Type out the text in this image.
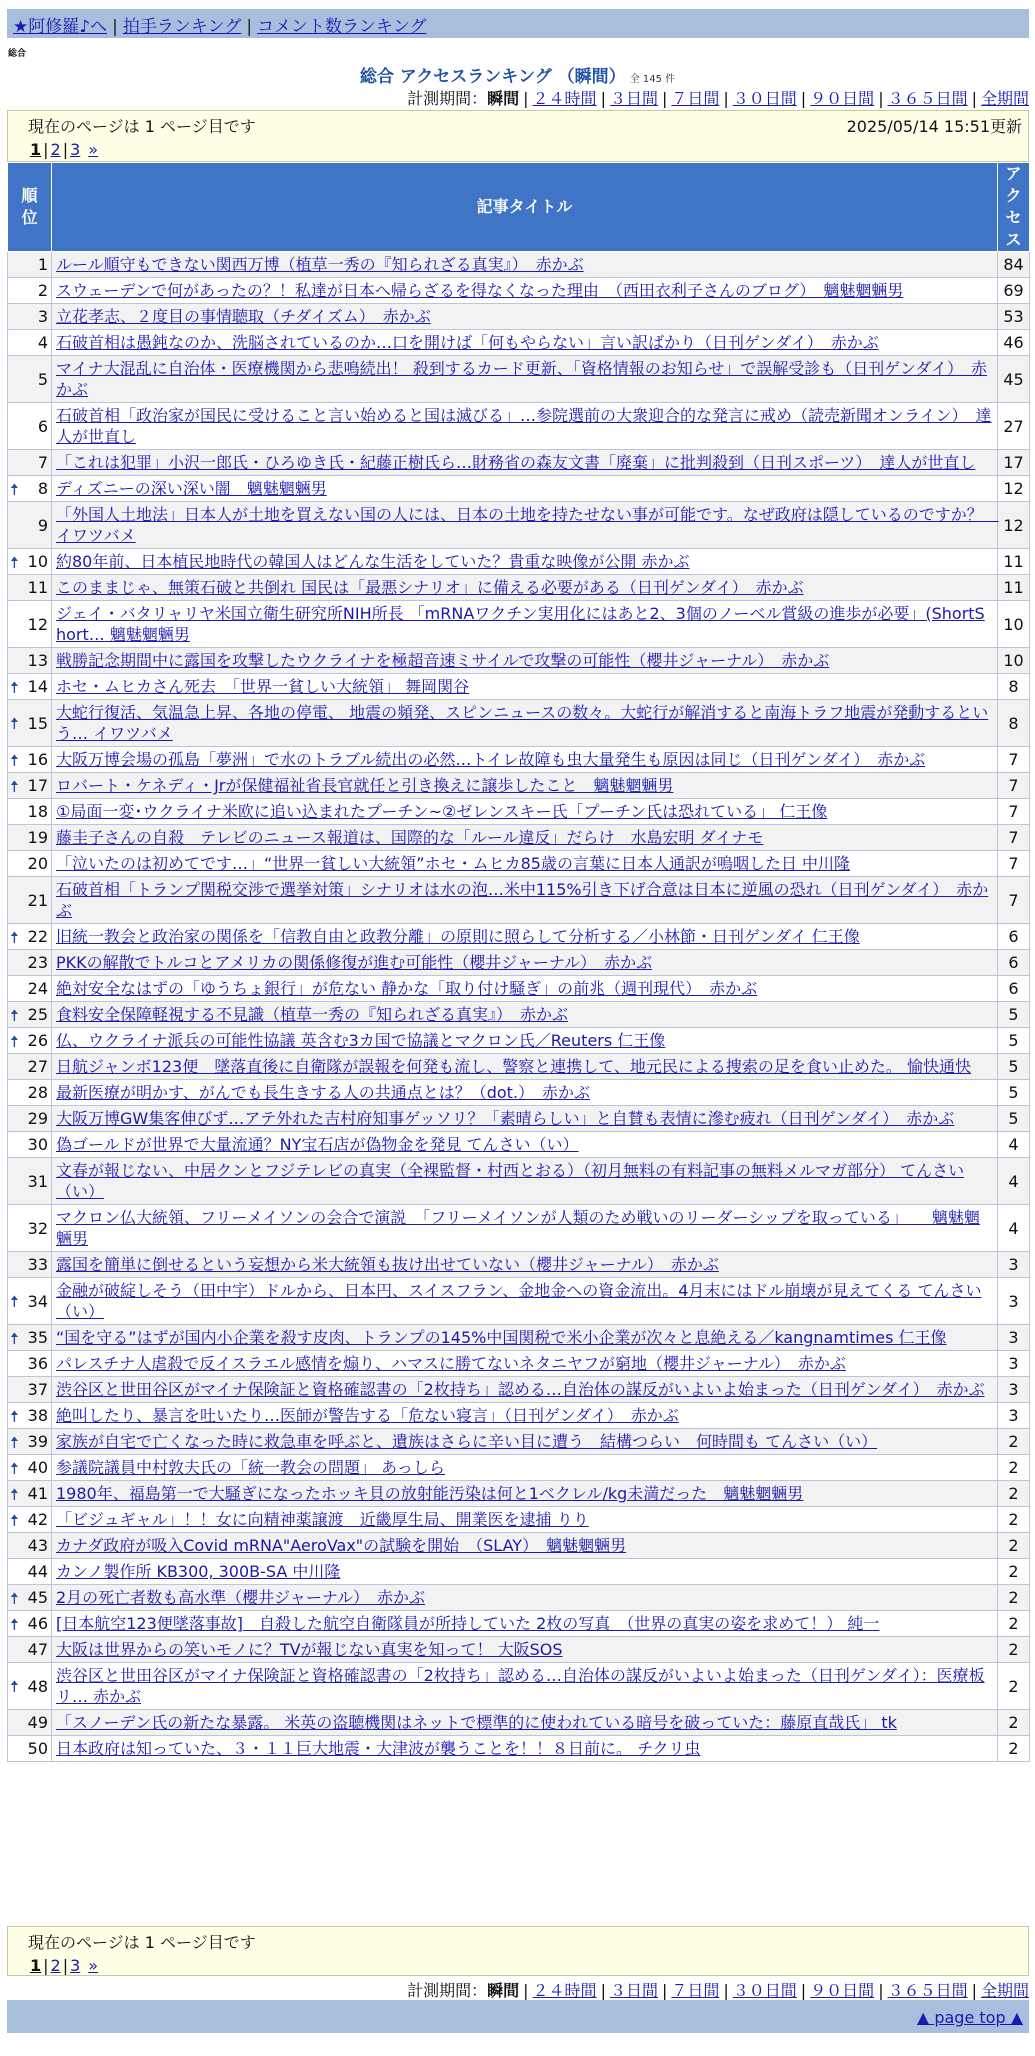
★阿修羅♪へ | 拍手ランキング | コメント数ランキング
総合
総合 アクセスランキング （瞬間） 全 145 件
計測期間：瞬間 | ２４時間 | ３日間 | ７日間 | ３０日間 | ９０日間 | ３６５日間 | 全期間
現在のページは 1 ページ目です	2025/05/14 15:51更新
1 | 2 | 3 »
順位	記事タイトル	アクセス
1	ルール順守もできない関西万博（植草一秀の『知られざる真実』）　赤かぶ	84
2	スウェーデンで何があったの？！私達が日本へ帰らざるを得なくなった理由　（西田衣利子さんのブログ）　魑魅魍魎男	69
3	立花孝志、２度目の事情聴取（チダイズム）　赤かぶ	53
4	石破首相は愚鈍なのか、洗脳されているのか…口を開けば「何もやらない」言い訳ばかり（日刊ゲンダイ）　赤かぶ	46
5	マイナ大混乱に自治体・医療機関から悲鳴続出！ 殺到するカード更新、「資格情報のお知らせ」で誤解受診も（日刊ゲンダイ）　赤かぶ	45
6	石破首相「政治家が国民に受けること言い始めると国は滅びる」…参院選前の大衆迎合的な発言に戒め（読売新聞オンライン）　達人が世直し	27
7	「これは犯罪」小沢一郎氏・ひろゆき氏・紀藤正樹氏ら…財務省の森友文書「廃棄」に批判殺到（日刊スポーツ）　達人が世直し	17

🠅 8	ディズニーの深い深い闇　魑魅魍魎男	12
9	「外国人土地法」日本人が土地を買えない国の人には、日本の土地を持たせない事が可能です。なぜ政府は隠しているのですか？　イワツバメ	12

🠅 10	約80年前、日本植民地時代の韓国人はどんな生活をしていた？貴重な映像が公開 赤かぶ	11
11	このままじゃ、無策石破と共倒れ 国民は「最悪シナリオ」に備える必要がある（日刊ゲンダイ）　赤かぶ	11
12	ジェイ・バタリャリヤ米国立衛生研究所NIH所長 「mRNAワクチン実用化にはあと2、3個のノーベル賞級の進歩が必要」(ShortShort… 魑魅魍魎男	10
13	戦勝記念期間中に露国を攻撃したウクライナを極超音速ミサイルで攻撃の可能性（櫻井ジャーナル）　赤かぶ	10

🠅 14	ホセ・ムヒカさん死去　「世界一貧しい大統領」 舞岡関谷	8

🠅 15	大蛇行復活、気温急上昇、各地の停電、 地震の頻発、スピンニュースの数々。大蛇行が解消すると南海トラフ地震が発動するという… イワツバメ	8

🠅 16	大阪万博会場の孤島「夢洲」で水のトラブル続出の必然…トイレ故障も虫大量発生も原因は同じ（日刊ゲンダイ）　赤かぶ	7

🠅 17	ロバート・ケネディ・Jrが保健福祉省長官就任と引き換えに譲歩したこと　魑魅魍魎男	7
18	①局面一変･ウクライナ米欧に追い込まれたプーチン~②ゼレンスキー氏「プーチン氏は恐れている」 仁王像	7
19	藤圭子さんの自殺　テレビのニュース報道は、国際的な「ルール違反」だらけ　水島宏明 ダイナモ	7
20	「泣いたのは初めてです…」“世界一貧しい大統領”ホセ・ムヒカ85歳の言葉に日本人通訳が嗚咽した日 中川隆	7
21	石破首相「トランプ関税交渉で選挙対策」シナリオは水の泡…米中115%引き下げ合意は日本に逆風の恐れ（日刊ゲンダイ）　赤かぶ	7

🠅 22	旧統一教会と政治家の関係を「信教自由と政教分離」の原則に照らして分析する／小林節・日刊ゲンダイ 仁王像	6
23	PKKの解散でトルコとアメリカの関係修復が進む可能性（櫻井ジャーナル）　赤かぶ	6
24	絶対安全なはずの「ゆうちょ銀行」が危ない 静かな「取り付け騒ぎ」の前兆（週刊現代）　赤かぶ	6

🠅 25	食料安全保障軽視する不見識（植草一秀の『知られざる真実』）　赤かぶ	5

🠅 26	仏、ウクライナ派兵の可能性協議 英含む3カ国で協議とマクロン氏／Reuters 仁王像	5
27	日航ジャンボ123便　墜落直後に自衛隊が誤報を何発も流し、警察と連携して、地元民による捜索の足を食い止めた。 愉快通快	5
28	最新医療が明かす、がんでも長生きする人の共通点とは？（dot.）　赤かぶ	5
29	大阪万博GW集客伸びず…アテ外れた吉村府知事ゲッソリ？「素晴らしい」と自賛も表情に滲む疲れ（日刊ゲンダイ）　赤かぶ	5
30	偽ゴールドが世界で大量流通？NY宝石店が偽物金を発見 てんさい（い）	4
31	文春が報じない、中居クンとフジテレビの真実（全裸監督・村西とおる）（初月無料の有料記事の無料メルマガ部分） てんさい（い）	4
32	マクロン仏大統領、フリーメイソンの会合で演説　「フリーメイソンが人類のため戦いのリーダーシップを取っている」　　魑魅魍魎男	4
33	露国を簡単に倒せるという妄想から米大統領も抜け出せていない（櫻井ジャーナル）　赤かぶ	3

🠅 34	金融が破綻しそう（田中宇）ドルから、日本円、スイスフラン、金地金への資金流出。4月末にはドル崩壊が見えてくる てんさい（い）	3

🠅 35	“国を守る”はずが国内小企業を殺す皮肉、トランプの145%中国関税で米小企業が次々と息絶える／kangnamtimes 仁王像	3
36	パレスチナ人虐殺で反イスラエル感情を煽り、ハマスに勝てないネタニヤフが窮地（櫻井ジャーナル）　赤かぶ	3
37	渋谷区と世田谷区がマイナ保険証と資格確認書の「2枚持ち」認める…自治体の謀反がいよいよ始まった（日刊ゲンダイ）　赤かぶ	3

🠅 38	絶叫したり、暴言を吐いたり…医師が警告する「危ない寝言」（日刊ゲンダイ）　赤かぶ	3

🠅 39	家族が自宅で亡くなった時に救急車を呼ぶと、遺族はさらに辛い目に遭う　結構つらい　何時間も てんさい（い）	2

🠅 40	参議院議員中村敦夫氏の「統一教会の問題」 あっしら	2

🠅 41	1980年、福島第一で大騒ぎになったホッキ貝の放射能汚染は何と1ベクレル/kg未満だった　魑魅魍魎男	2

🠅 42	「ビジュギャル」！！女に向精神薬譲渡　近畿厚生局、開業医を逮捕 りり	2
43	カナダ政府が吸入Covid mRNA"AeroVax"の試験を開始　（SLAY）　魑魅魍魎男	2
44	カンノ製作所 KB300, 300B-SA 中川隆	2

🠅 45	2月の死亡者数も高水準（櫻井ジャーナル）　赤かぶ	2

🠅 46	[日本航空123便墜落事故]　自殺した航空自衛隊員が所持していた 2枚の写真　（世界の真実の姿を求めて！） 純一	2
47	大阪は世界からの笑いモノに？TVが報じない真実を知って！ 大阪SOS	2

🠅 48	渋谷区と世田谷区がマイナ保険証と資格確認書の「2枚持ち」認める…自治体の謀反がいよいよ始まった（日刊ゲンダイ）：医療板リ… 赤かぶ	2
49	「スノーデン氏の新たな暴露。 米英の盗聴機関はネットで標準的に使われている暗号を破っていた：藤原直哉氏」 tk	2
50	日本政府は知っていた、３・１１巨大地震・大津波が襲うことを！！８日前に。 チクリ虫	2
現在のページは 1 ページ目です
1 | 2 | 3 »
計測期間：瞬間 | ２４時間 | ３日間 | ７日間 | ３０日間 | ９０日間 | ３６５日間 | 全期間
▲ page top ▲
